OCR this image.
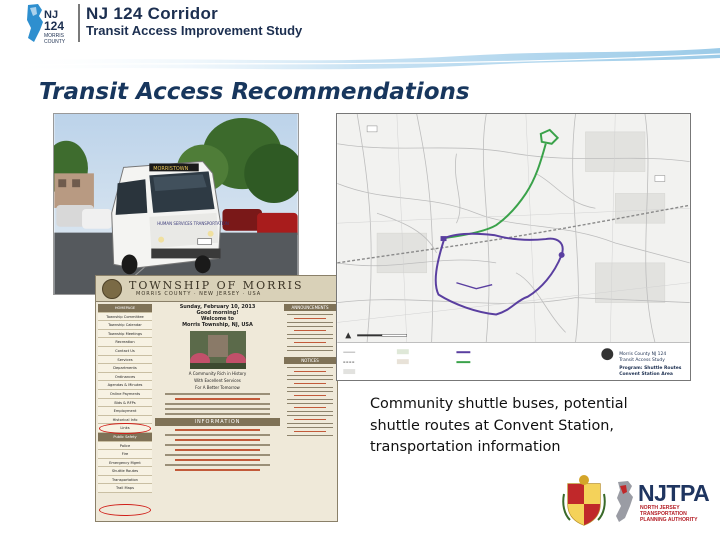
NJ
124
MORRIS
COUNTY
NJ 124 Corridor
Transit Access Improvement Study
Transit Access Recommendations
MORRISTOWN
HUMAN SERVICES TRANSPORTATION
TOWNSHIP OF MORRIS
MORRIS COUNTY · NEW JERSEY · USA
HOMEPAGE
Township Committee
Township Calendar
Township Meetings
Recreation
Contact Us
Services
Departments
Ordinances
Agendas & Minutes
Online Payments
Bids & RFPs
Employment
Historical Info
Links
Public Safety
Police
Fire
Emergency Mgmt
Shuttle Routes
Transportation
Trail Maps
Sunday, February 10, 2013
Good morning!
Welcome to
Morris Township, NJ, USA
A Community Rich in History
With Excellent Services
For A Better Tomorrow
INFORMATION
ANNOUNCEMENTS
NOTICES
Morris County NJ 124
Transit Access Study
Program: Shuttle Routes
Convent Station Area
Community shuttle buses, potential
shuttle routes at Convent Station,
transportation information
NJTPA
NORTH JERSEY
TRANSPORTATION
PLANNING AUTHORITY
